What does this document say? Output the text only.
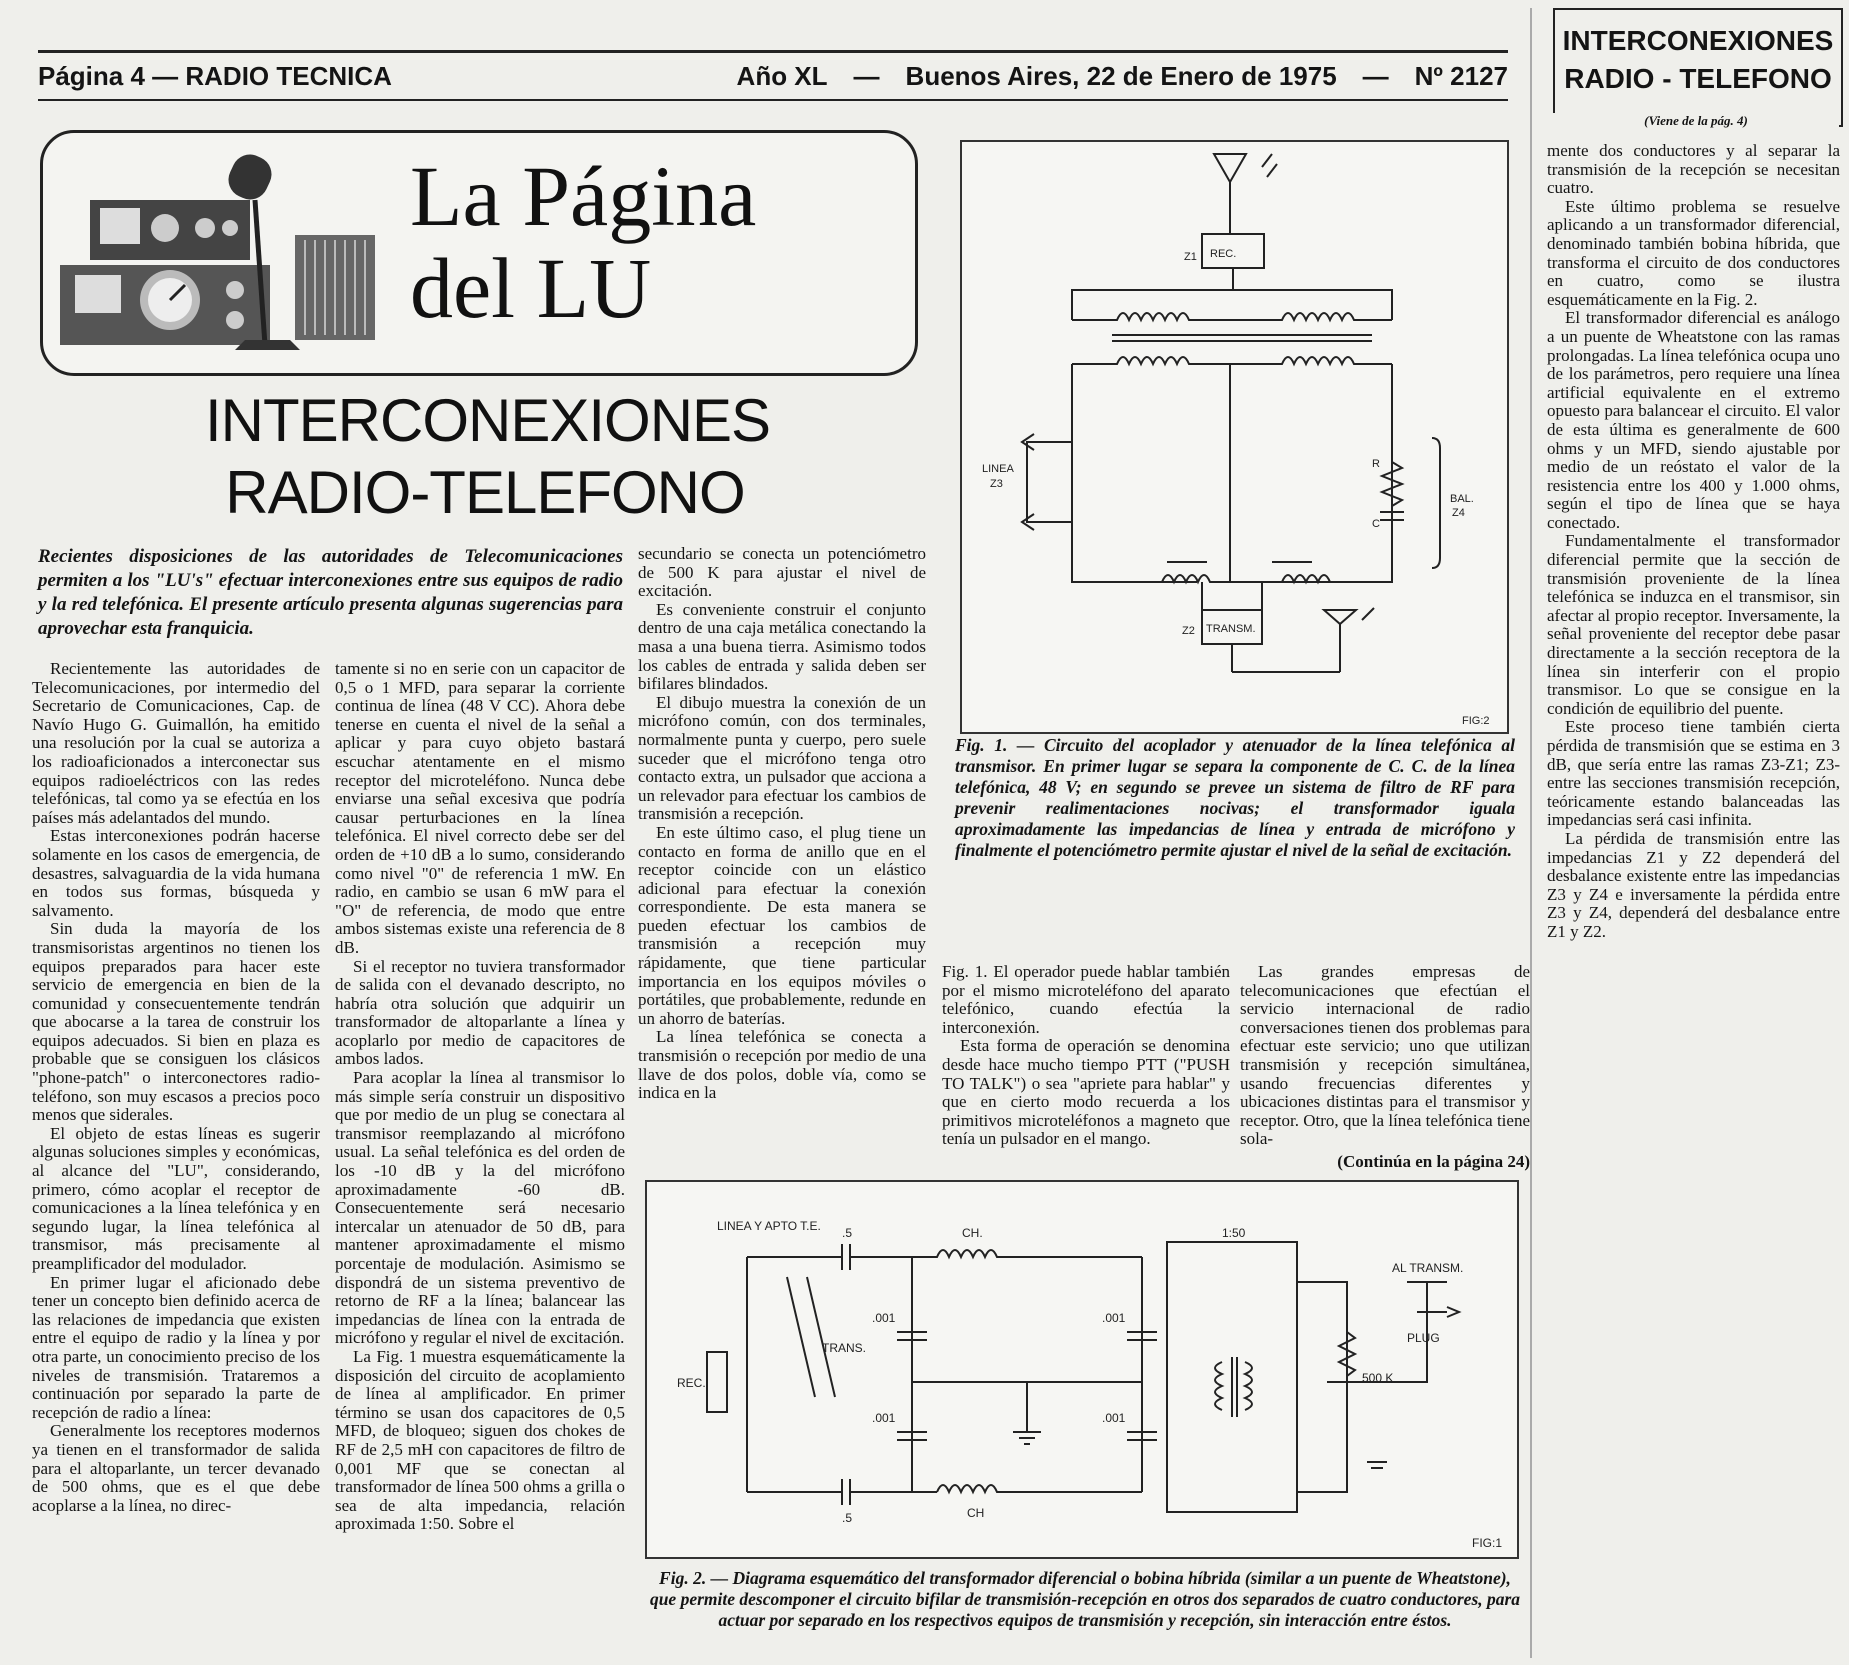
Página 4 — RADIO TECNICA	Año XL — Buenos Aires, 22 de Enero de 1975 — Nº 2127
La Página
del LU
INTERCONEXIONES
RADIO-TELEFONO
Recientes disposiciones de las autoridades de Telecomunicaciones permiten a los "LU's" efectuar interconexiones entre sus equipos de radio y la red telefónica. El presente artículo presenta algunas sugerencias para aprovechar esta franquicia.

Recientemente las autoridades de Telecomunicaciones, por intermedio del Secretario de Comunicaciones, Cap. de Navío Hugo G. Guimallón, ha emitido una resolución por la cual se autoriza a los radioaficionados a interconectar sus equipos radioeléctricos con las redes telefónicas, tal como ya se efectúa en los países más adelantados del mundo.

Estas interconexiones podrán hacerse solamente en los casos de emergencia, de desastres, salvaguardia de la vida humana en todos sus formas, búsqueda y salvamento.

Sin duda la mayoría de los transmisoristas argentinos no tienen los equipos preparados para hacer este servicio de emergencia en bien de la comunidad y consecuentemente tendrán que abocarse a la tarea de construir los equipos adecuados. Si bien en plaza es probable que se consiguen los clásicos "phone-patch" o interconectores radio-teléfono, son muy escasos a precios poco menos que siderales.

El objeto de estas líneas es sugerir algunas soluciones simples y económicas, al alcance del "LU", considerando, primero, cómo acoplar el receptor de comunicaciones a la línea telefónica y en segundo lugar, la línea telefónica al transmisor, más precisamente al preamplificador del modulador.

En primer lugar el aficionado debe tener un concepto bien definido acerca de las relaciones de impedancia que existen entre el equipo de radio y la línea y por otra parte, un conocimiento preciso de los niveles de transmisión. Trataremos a continuación por separado la parte de recepción de radio a línea:

Generalmente los receptores modernos ya tienen en el transformador de salida para el altoparlante, un tercer devanado de 500 ohms, que es el que debe acoplarse a la línea, no direc-

tamente si no en serie con un capacitor de 0,5 o 1 MFD, para separar la corriente continua de línea (48 V CC). Ahora debe tenerse en cuenta el nivel de la señal a aplicar y para cuyo objeto bastará escuchar atentamente en el mismo receptor del microteléfono. Nunca debe enviarse una señal excesiva que podría causar perturbaciones en la línea telefónica. El nivel correcto debe ser del orden de +10 dB a lo sumo, considerando como nivel "0" de referencia 1 mW. En radio, en cambio se usan 6 mW para el "O" de referencia, de modo que entre ambos sistemas existe una referencia de 8 dB.

Si el receptor no tuviera transformador de salida con el devanado descripto, no habría otra solución que adquirir un transformador de altoparlante a línea y acoplarlo por medio de capacitores de ambos lados.

Para acoplar la línea al transmisor lo más simple sería construir un dispositivo que por medio de un plug se conectara al transmisor reemplazando al micrófono usual. La señal telefónica es del orden de los -10 dB y la del micrófono aproximadamente -60 dB. Consecuentemente será necesario intercalar un atenuador de 50 dB, para mantener aproximadamente el mismo porcentaje de modulación. Asimismo se dispondrá de un sistema preventivo de retorno de RF a la línea; balancear las impedancias de línea con la entrada de micrófono y regular el nivel de excitación.

La Fig. 1 muestra esquemáticamente la disposición del circuito de acoplamiento de línea al amplificador. En primer término se usan dos capacitores de 0,5 MFD, de bloqueo; siguen dos chokes de RF de 2,5 mH con capacitores de filtro de 0,001 MF que se conectan al transformador de línea 500 ohms a grilla o sea de alta impedancia, relación aproximada 1:50. Sobre el

secundario se conecta un potenciómetro de 500 K para ajustar el nivel de excitación.

Es conveniente construir el conjunto dentro de una caja metálica conectando la masa a una buena tierra. Asimismo todos los cables de entrada y salida deben ser bifilares blindados.

El dibujo muestra la conexión de un micrófono común, con dos terminales, normalmente punta y cuerpo, pero suele suceder que el micrófono tenga otro contacto extra, un pulsador que acciona a un relevador para efectuar los cambios de transmisión a recepción.

En este último caso, el plug tiene un contacto en forma de anillo que en el receptor coincide con un elástico adicional para efectuar la conexión correspondiente. De esta manera se pueden efectuar los cambios de transmisión a recepción muy rápidamente, que tiene particular importancia en los equipos móviles o portátiles, que probablemente, redunde en un ahorro de baterías.

La línea telefónica se conecta a transmisión o recepción por medio de una llave de dos polos, doble vía, como se indica en la

Fig. 1. El operador puede hablar también por el mismo microteléfono del aparato telefónico, cuando efectúa la interconexión.

Esta forma de operación se denomina desde hace mucho tiempo PTT ("PUSH TO TALK") o sea "apriete para hablar" y que en cierto modo recuerda a los primitivos microteléfonos a magneto que tenía un pulsador en el mango.

Las grandes empresas de telecomunicaciones que efectúan el servicio internacional de radio conversaciones tienen dos problemas para efectuar este servicio; uno que utilizan transmisión y recepción simultánea, usando frecuencias diferentes y ubicaciones distintas para el transmisor y receptor. Otro, que la línea telefónica tiene sola-

(Continúa en la página 24)
REC.
Z1
LINEA
Z3
R
C
BAL.
Z4
TRANSM.
Z2
FIG:2
Fig. 1. — Circuito del acoplador y atenuador de la línea telefónica al transmisor. En primer lugar se separa la componente de C. C. de la línea telefónica, 48 V; en segundo se prevee un sistema de filtro de RF para prevenir realimentaciones nocivas; el transformador iguala aproximadamente las impedancias de línea y entrada de micrófono y finalmente el potenciómetro permite ajustar el nivel de la señal de excitación.
LINEA Y APTO T.E. .5
.5
CH.
CH
1:50
.001	.001
.001	.001
REC.
TRANS.
500 K
AL TRANSM.
PLUG
FIG:1
Fig. 2. — Diagrama esquemático del transformador diferencial o bobina híbrida (similar a un puente de Wheatstone), que permite descomponer el circuito bifilar de transmisión-recepción en otros dos separados de cuatro conductores, para actuar por separado en los respectivos equipos de transmisión y recepción, sin interacción entre éstos.
INTERCONEXIONES
RADIO - TELEFONO
(Viene de la pág. 4)

mente dos conductores y al separar la transmisión de la recepción se necesitan cuatro.

Este último problema se resuelve aplicando a un transformador diferencial, denominado también bobina híbrida, que transforma el circuito de dos conductores en cuatro, como se ilustra esquemáticamente en la Fig. 2.

El transformador diferencial es análogo a un puente de Wheatstone con las ramas prolongadas. La línea telefónica ocupa uno de los parámetros, pero requiere una línea artificial equivalente en el extremo opuesto para balancear el circuito. El valor de esta última es generalmente de 600 ohms y un MFD, siendo ajustable por medio de un reóstato el valor de la resistencia entre los 400 y 1.000 ohms, según el tipo de línea que se haya conectado.

Fundamentalmente el transformador diferencial permite que la sección de transmisión proveniente de la línea telefónica se induzca en el transmisor, sin afectar al propio receptor. Inversamente, la señal proveniente del receptor debe pasar directamente a la sección receptora de la línea sin interferir con el propio transmisor. Lo que se consigue en la condición de equilibrio del puente.

Este proceso tiene también cierta pérdida de transmisión que se estima en 3 dB, que sería entre las ramas Z3-Z1; Z3-entre las secciones transmisión recepción, teóricamente estando balanceadas las impedancias será casi infinita.

La pérdida de transmisión entre las impedancias Z1 y Z2 dependerá del desbalance existente entre las impedancias Z3 y Z4 e inversamente la pérdida entre Z3 y Z4, dependerá del desbalance entre Z1 y Z2.
